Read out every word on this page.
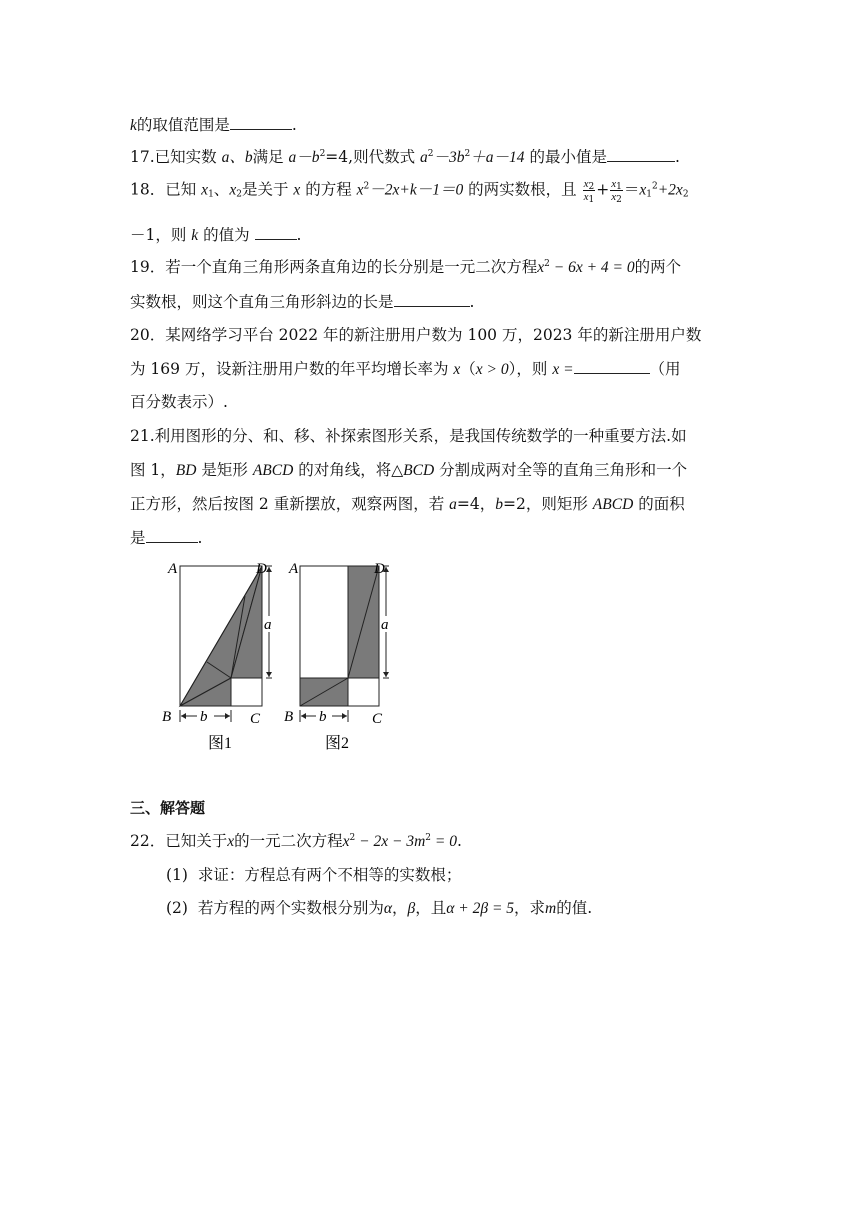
k的取值范围是	.
17.已知实数 a、b满足 $a-b^2=4$,则代数式 $a^2-3b^2+a-14$ 的最小值是	.
18．已知 $x_1$、$x_2$是关于 x 的方程 $x^2-2x+k-1=0$ 的两实数根，且 $\frac{x_2}{x_1} + \frac{x_1}{x_2} =x_1^2+2x_2$
－1，则 k 的值为	.
19．若一个直角三角形两条直角边的长分别是一元二次方程$x^2 - 6x + 4 = 0$的两个
实数根，则这个直角三角形斜边的长是	.
20．某网络学习平台 2022 年的新注册用户数为 100 万，2023 年的新注册用户数
为 169 万，设新注册用户数的年平均增长率为 x（x > 0），则 x =	（用
百分数表示）.
21.利用图形的分、和、移、补探索图形关系，是我国传统数学的一种重要方法.如
图 1，BD 是矩形 ABCD 的对角线，将△BCD 分割成两对全等的直角三角形和一个
正方形，然后按图 2 重新摆放，观察两图，若 a=4，b=2，则矩形 ABCD 的面积
是	.
a
b
A	D
B	C
图1
a
b
A	D
B	C
图2
三、解答题
22．已知关于x的一元二次方程$x^2 - 2x - 3m^2 = 0$.
(1) 求证：方程总有两个不相等的实数根；
(2) 若方程的两个实数根分别为α，β，且α + 2β = 5，求m的值.
